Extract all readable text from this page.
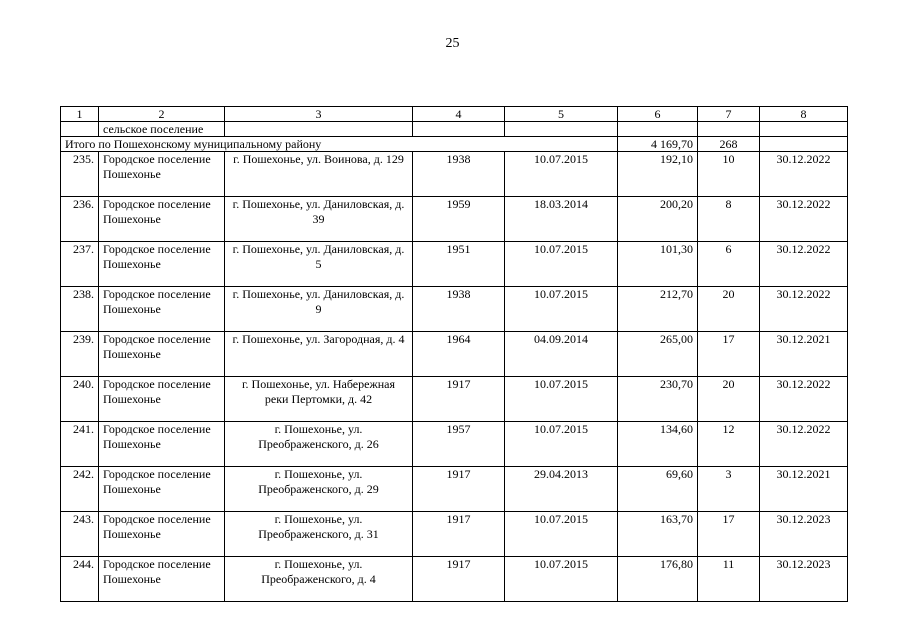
25
1	2	3	4	5	6	7	8
	сельское поселение						
Итого по Пошехонскому муниципальному району					4 169,70	268	
235.	Городское поселение Пошехонье	г. Пошехонье, ул. Воинова, д. 129	1938	10.07.2015	192,10	10	30.12.2022
236.	Городское поселение Пошехонье	г. Пошехонье, ул. Даниловская, д. 39	1959	18.03.2014	200,20	8	30.12.2022
237.	Городское поселение Пошехонье	г. Пошехонье, ул. Даниловская, д. 5	1951	10.07.2015	101,30	6	30.12.2022
238.	Городское поселение Пошехонье	г. Пошехонье, ул. Даниловская, д. 9	1938	10.07.2015	212,70	20	30.12.2022
239.	Городское поселение Пошехонье	г. Пошехонье, ул. Загородная, д. 4	1964	04.09.2014	265,00	17	30.12.2021
240.	Городское поселение Пошехонье	г. Пошехонье, ул. Набережная реки Пертомки, д. 42	1917	10.07.2015	230,70	20	30.12.2022
241.	Городское поселение Пошехонье	г. Пошехонье, ул. Преображенского, д. 26	1957	10.07.2015	134,60	12	30.12.2022
242.	Городское поселение Пошехонье	г. Пошехонье, ул. Преображенского, д. 29	1917	29.04.2013	69,60	3	30.12.2021
243.	Городское поселение Пошехонье	г. Пошехонье, ул. Преображенского, д. 31	1917	10.07.2015	163,70	17	30.12.2023
244.	Городское поселение Пошехонье	г. Пошехонье, ул. Преображенского, д. 4	1917	10.07.2015	176,80	11	30.12.2023
